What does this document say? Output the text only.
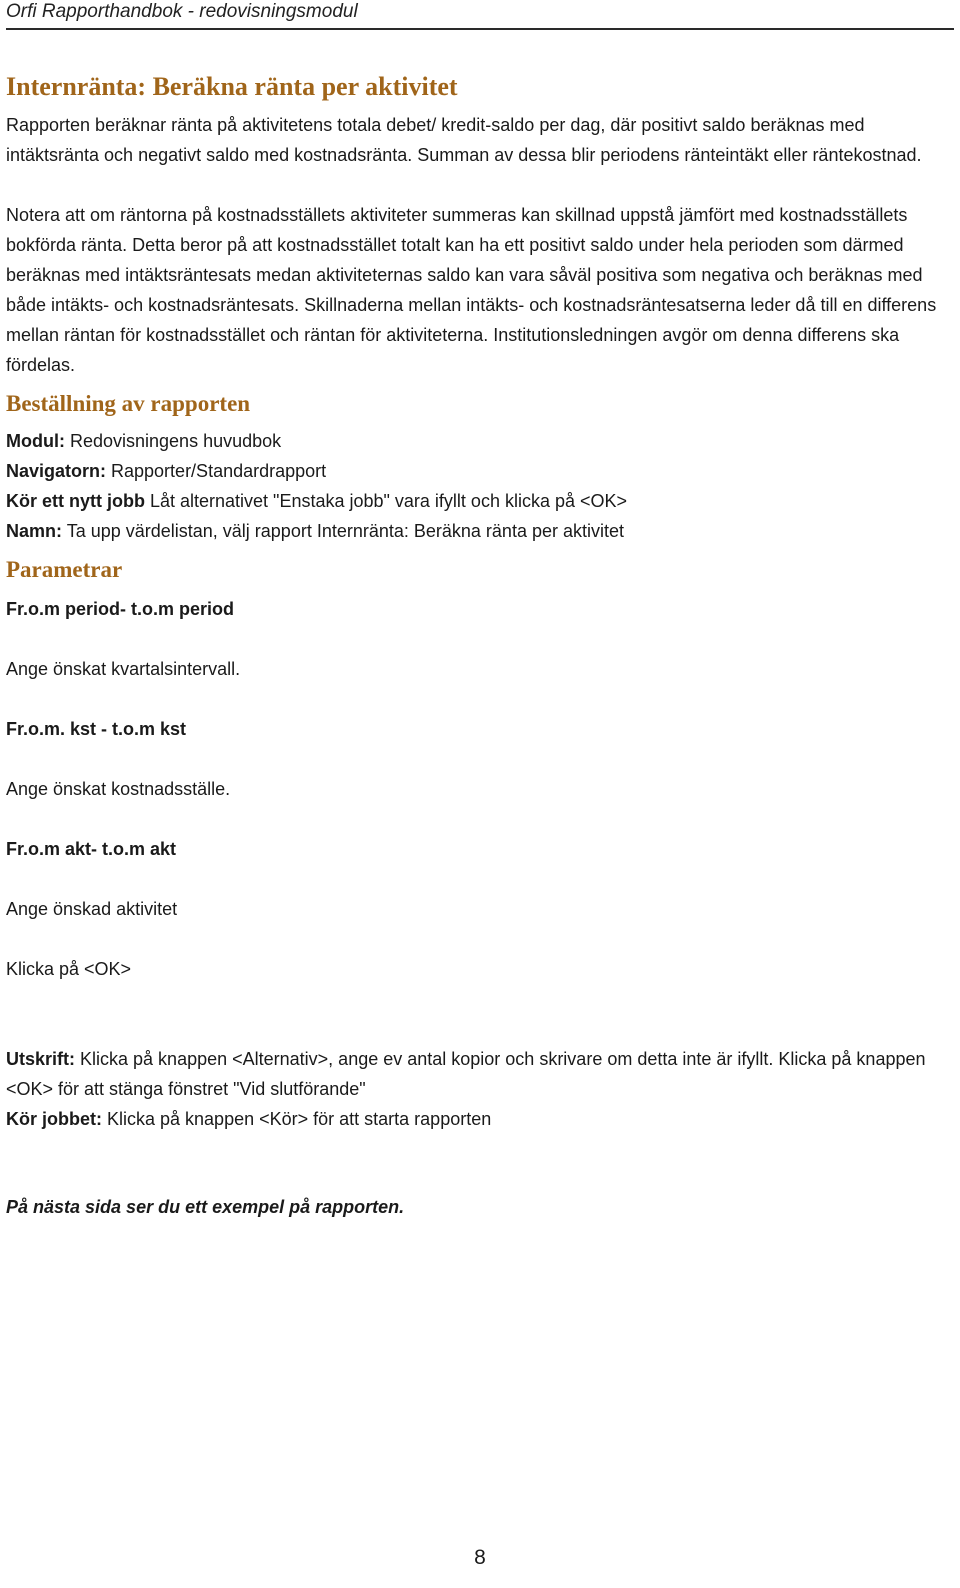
Orfi Rapporthandbok - redovisningsmodul
Internränta: Beräkna ränta per aktivitet

Rapporten beräknar ränta på aktivitetens totala debet/ kredit-saldo per dag, där positivt saldo beräknas med intäktsränta och negativt saldo med kostnadsränta. Summan av dessa blir periodens ränteintäkt eller räntekostnad.

Notera att om räntorna på kostnadsställets aktiviteter summeras kan skillnad uppstå jämfört med kostnadsställets bokförda ränta. Detta beror på att kostnadsstället totalt kan ha ett positivt saldo under hela perioden som därmed beräknas med intäktsräntesats medan aktiviteternas saldo kan vara såväl positiva som negativa och beräknas med både intäkts- och kostnadsräntesats. Skillnaderna mellan intäkts- och kostnadsräntesatserna leder då till en differens mellan räntan för kostnadsstället och räntan för aktiviteterna. Institutionsledningen avgör om denna differens ska fördelas.

Beställning av rapporten

Modul: Redovisningens huvudbok

Navigatorn: Rapporter/Standardrapport

Kör ett nytt jobb Låt alternativet "Enstaka jobb" vara ifyllt och klicka på <OK>

Namn: Ta upp värdelistan, välj rapport Internränta: Beräkna ränta per aktivitet

Parametrar

Fr.o.m period- t.o.m period

Ange önskat kvartalsintervall.

Fr.o.m. kst - t.o.m kst

Ange önskat kostnadsställe.

Fr.o.m akt- t.o.m akt

Ange önskad aktivitet

Klicka på <OK>

Utskrift: Klicka på knappen <Alternativ>, ange ev antal kopior och skrivare om detta inte är ifyllt. Klicka på knappen <OK> för att stänga fönstret "Vid slutförande"

Kör jobbet: Klicka på knappen <Kör> för att starta rapporten

På nästa sida ser du ett exempel på rapporten.

8
